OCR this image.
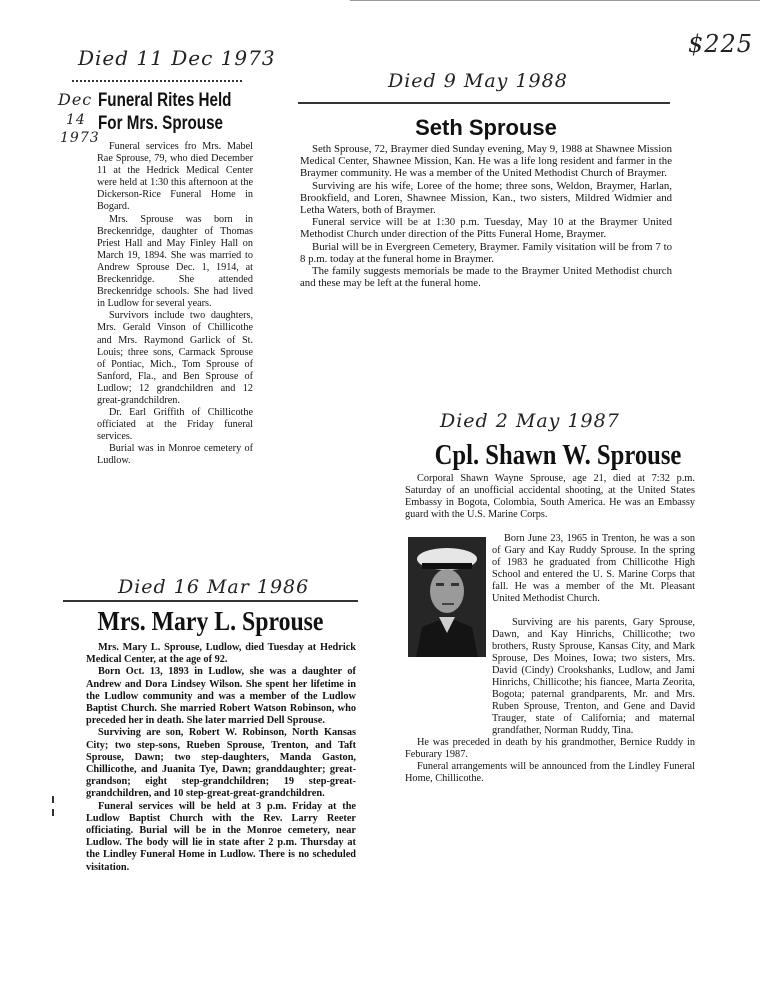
$225
Died 11 Dec 1973
Dec
14
1973
Funeral Rites Held
For Mrs. Sprouse

Funeral services fro Mrs. Mabel Rae Sprouse, 79, who died December 11 at the Hedrick Medical Center were held at 1:30 this afternoon at the Dickerson-Rice Funeral Home in Bogard.

Mrs. Sprouse was born in Breckenridge, daughter of Thomas Priest Hall and May Finley Hall on March 19, 1894. She was married to Andrew Sprouse Dec. 1, 1914, at Breckenridge. She attended Breckenridge schools. She had lived in Ludlow for several years.

Survivors include two daughters, Mrs. Gerald Vinson of Chillicothe and Mrs. Raymond Garlick of St. Louis; three sons, Carmack Sprouse of Pontiac, Mich., Tom Sprouse of Sanford, Fla., and Ben Sprouse of Ludlow; 12 grandchildren and 12 great-grandchildren.

Dr. Earl Griffith of Chillicothe officiated at the Friday funeral services.

Burial was in Monroe cemetery of Ludlow.

Died 9 May 1988
Seth Sprouse

Seth Sprouse, 72, Braymer died Sunday evening, May 9, 1988 at Shawnee Mission Medical Center, Shawnee Mission, Kan. He was a life long resident and farmer in the Braymer community. He was a member of the United Methodist Church of Braymer.

Surviving are his wife, Loree of the home; three sons, Weldon, Braymer, Harlan, Brookfield, and Loren, Shawnee Mission, Kan., two sisters, Mildred Widmier and Letha Waters, both of Braymer.

Funeral service will be at 1:30 p.m. Tuesday, May 10 at the Braymer United Methodist Church under direction of the Pitts Funeral Home, Braymer.

Burial will be in Evergreen Cemetery, Braymer. Family visitation will be from 7 to 8 p.m. today at the funeral home in Braymer.

The family suggests memorials be made to the Braymer United Methodist church and these may be left at the funeral home.

Died 2 May 1987
Cpl. Shawn W. Sprouse

Corporal Shawn Wayne Sprouse, age 21, died at 7:32 p.m. Saturday of an unofficial accidental shooting, at the United States Embassy in Bogota, Colombia, South America. He was an Embassy guard with the U.S. Marine Corps.

Born June 23, 1965 in Trenton, he was a son of Gary and Kay Ruddy Sprouse. In the spring of 1983 he graduated from Chillicothe High School and entered the U. S. Marine Corps that fall. He was a member of the Mt. Pleasant United Methodist Church.

Surviving are his parents, Gary Sprouse, Dawn, and Kay Hinrichs, Chillicothe; two brothers, Rusty Sprouse, Kansas City, and Mark Sprouse, Des Moines, Iowa; two sisters, Mrs. David (Cindy) Crookshanks, Ludlow, and Jami Hinrichs, Chillicothe; his fiancee, Marta Zeorita, Bogota; paternal grandparents, Mr. and Mrs. Ruben Sprouse, Trenton, and Gene and David Trauger, state of California; and maternal grandfather, Norman Ruddy, Tina.

He was preceded in death by his grandmother, Bernice Ruddy in Feburary 1987.

Funeral arrangements will be announced from the Lindley Funeral Home, Chillicothe.

Died 16 Mar 1986
Mrs. Mary L. Sprouse

Mrs. Mary L. Sprouse, Ludlow, died Tuesday at Hedrick Medical Center, at the age of 92.

Born Oct. 13, 1893 in Ludlow, she was a daughter of Andrew and Dora Lindsey Wilson. She spent her lifetime in the Ludlow community and was a member of the Ludlow Baptist Church. She married Robert Watson Robinson, who preceded her in death. She later married Dell Sprouse.

Surviving are son, Robert W. Robinson, North Kansas City; two step-sons, Rueben Sprouse, Trenton, and Taft Sprouse, Dawn; two step-daughters, Manda Gaston, Chillicothe, and Juanita Tye, Dawn; granddaughter; great-grandson; eight step-grandchildren; 19 step-great-grandchildren, and 10 step-great-great-grandchildren.

Funeral services will be held at 3 p.m. Friday at the Ludlow Baptist Church with the Rev. Larry Reeter officiating. Burial will be in the Monroe cemetery, near Ludlow. The body will lie in state after 2 p.m. Thursday at the Lindley Funeral Home in Ludlow. There is no scheduled visitation.
